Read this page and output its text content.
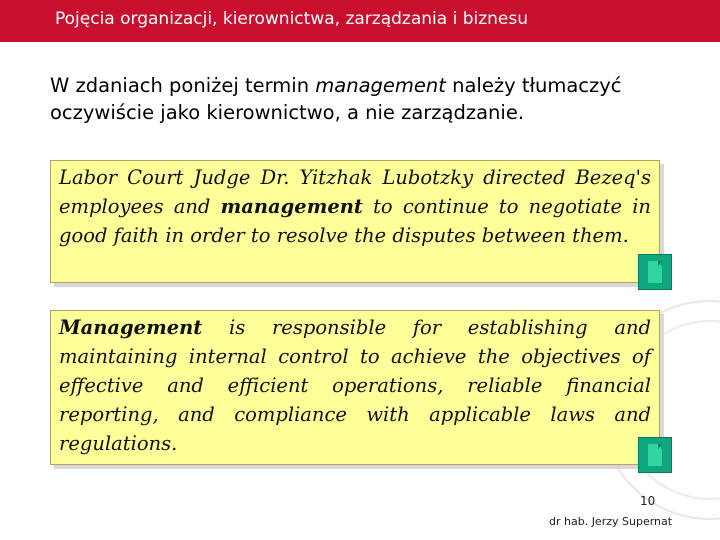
Pojęcia organizacji, kierownictwa, zarządzania i biznesu
W zdaniach poniżej termin management należy tłumaczyć oczywiście jako kierownictwo, a nie zarządzanie.
Labor Court Judge Dr. Yitzhak Lubotzky directed Bezeq's employees and management to continue to negotiate in good faith in order to resolve the disputes between them.
Management is responsible for establishing and maintaining internal control to achieve the objectives of effective and efficient operations, reliable financial reporting, and compliance with applicable laws and regulations.
10
dr hab. Jerzy Supernat
